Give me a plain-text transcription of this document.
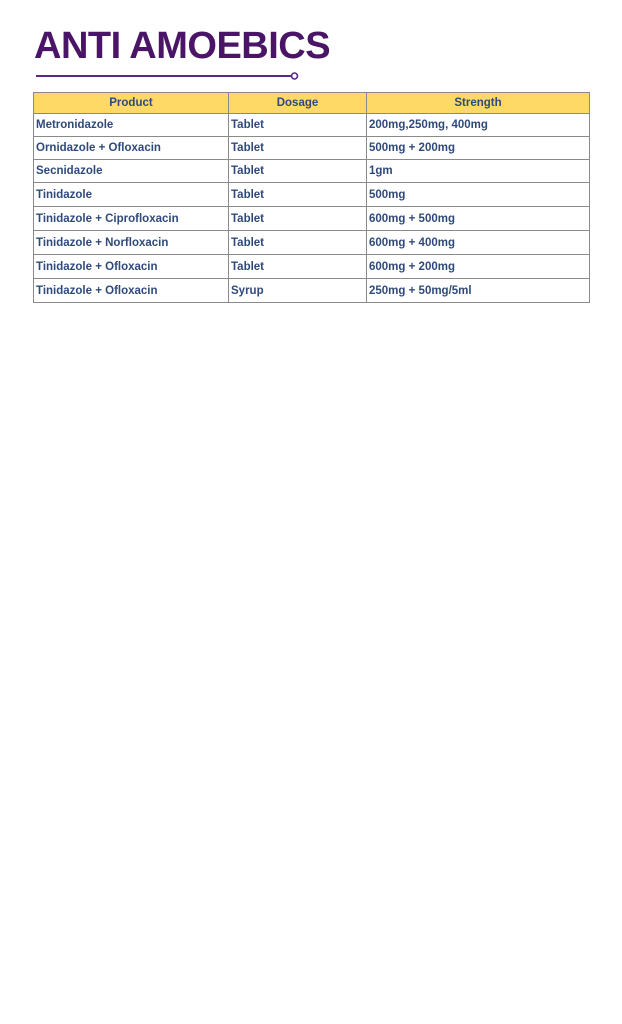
ANTI AMOEBICS
Product	Dosage	Strength
Metronidazole	Tablet	200mg,250mg, 400mg
Ornidazole + Ofloxacin	Tablet	500mg + 200mg
Secnidazole	Tablet	1gm
Tinidazole	Tablet	500mg
Tinidazole + Ciprofloxacin	Tablet	600mg + 500mg
Tinidazole + Norfloxacin	Tablet	600mg + 400mg
Tinidazole + Ofloxacin	Tablet	600mg + 200mg
Tinidazole + Ofloxacin	Syrup	250mg + 50mg/5ml
